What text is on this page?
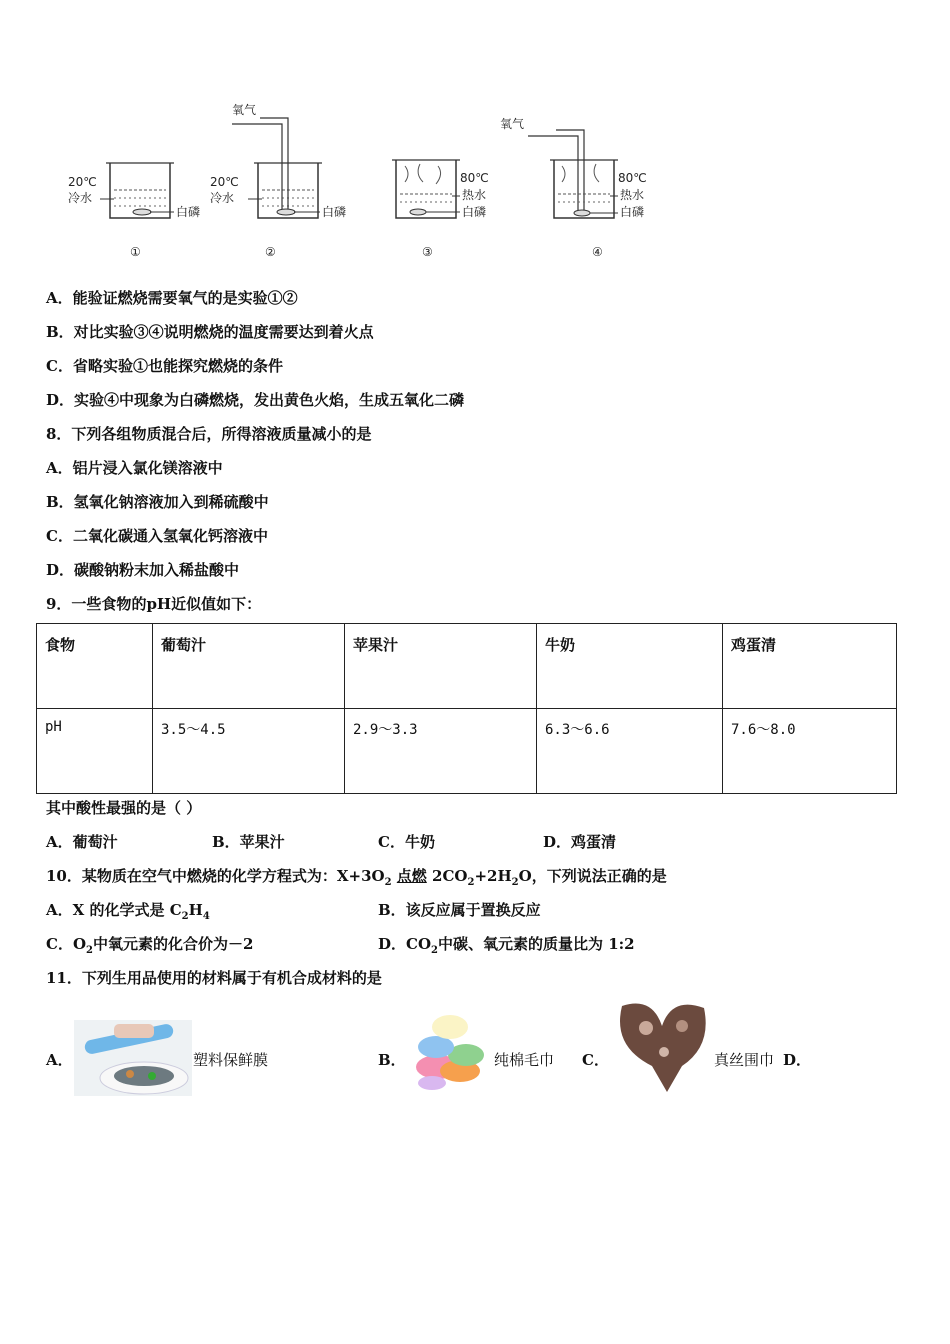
20℃
冷水
白磷
①
氧气
20℃
冷水
白磷
②
80℃
热水
白磷
③
氧气
80℃
热水
白磷
④
A．能验证燃烧需要氧气的是实验①②
B．对比实验③④说明燃烧的温度需要达到着火点
C．省略实验①也能探究燃烧的条件
D．实验④中现象为白磷燃烧，发出黄色火焰，生成五氧化二磷
8．下列各组物质混合后，所得溶液质量减小的是
A．铝片浸入氯化镁溶液中
B．氢氧化钠溶液加入到稀硫酸中
C．二氧化碳通入氢氧化钙溶液中
D．碳酸钠粉末加入稀盐酸中
9．一些食物的pH近似值如下：
食物	葡萄汁	苹果汁	牛奶	鸡蛋清
pH	3.5～4.5	2.9～3.3	6.3～6.6	7.6～8.0
其中酸性最强的是（ ）
A．葡萄汁	B．苹果汁	C．牛奶	D．鸡蛋清
10．某物质在空气中燃烧的化学方程式为：$X+3O_2$ 点燃 $2CO_2+2H_2O$，下列说法正确的是
A．X 的化学式是 $C_2H_4$	B．该反应属于置换反应
C．$O_2$中氧元素的化合价为－2	D．$CO_2$中碳、氧元素的质量比为 1:2
11．下列生用品使用的材料属于有机合成材料的是
A．	塑料保鲜膜	B．	纯棉毛巾 C．	真丝围巾 D．
